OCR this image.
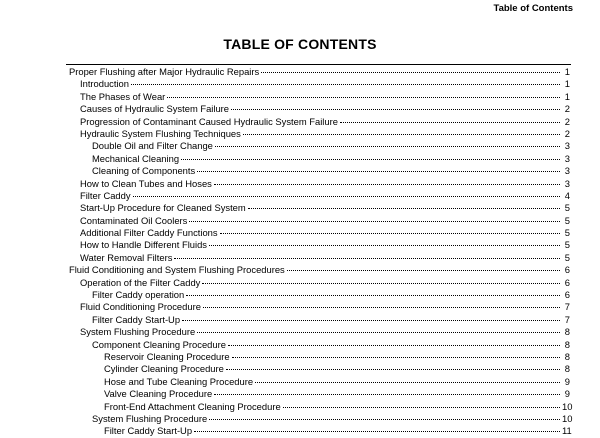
Table of Contents
TABLE OF CONTENTS
Proper Flushing after Major Hydraulic Repairs	1
Introduction	1
The Phases of Wear	1
Causes of Hydraulic System Failure	2
Progression of Contaminant Caused Hydraulic System Failure	2
Hydraulic System Flushing Techniques	2
Double Oil and Filter Change	3
Mechanical Cleaning	3
Cleaning of Components	3
How to Clean Tubes and Hoses	3
Filter Caddy	4
Start-Up Procedure for Cleaned System	5
Contaminated Oil Coolers	5
Additional Filter Caddy Functions	5
How to Handle Different Fluids	5
Water Removal Filters	5
Fluid Conditioning and System Flushing Procedures	6
Operation of the Filter Caddy	6
Filter Caddy operation	6
Fluid Conditioning Procedure	7
Filter Caddy Start-Up	7
System Flushing Procedure	8
Component Cleaning Procedure	8
Reservoir Cleaning Procedure	8
Cylinder Cleaning Procedure	8
Hose and Tube Cleaning Procedure	9
Valve Cleaning Procedure	9
Front-End Attachment Cleaning Procedure	10
System Flushing Procedure	10
Filter Caddy Start-Up	11
